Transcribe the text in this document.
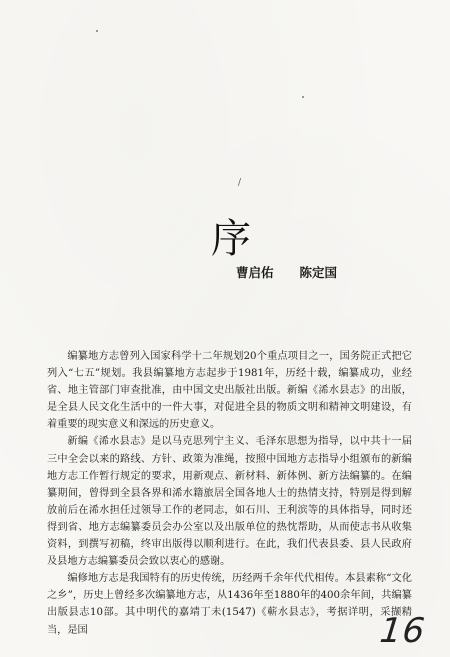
/
序
曹启佑 陈定国

编纂地方志曾列入国家科学十二年规划20个重点项目之一，国务院正式把它列入“七五”规划。我县编纂地方志起步于1981年，历经十载，编纂成功，业经省、地主管部门审查批准，由中国文史出版社出版。新编《浠水县志》的出版，是全县人民文化生活中的一件大事，对促进全县的物质文明和精神文明建设，有着重要的现实意义和深远的历史意义。

新编《浠水县志》是以马克思列宁主义、毛泽东思想为指导，以中共十一届三中全会以来的路线、方针、政策为准绳，按照中国地方志指导小组颁布的新编地方志工作暂行规定的要求，用新观点、新材料、新体例、新方法编纂的。在编纂期间，曾得到全县各界和浠水籍旅居全国各地人士的热情支持，特别是得到解放前后在浠水担任过领导工作的老同志，如石川、王利滨等的具体指导，同时还得到省、地方志编纂委员会办公室以及出版单位的热忱帮助，从而使志书从收集资料，到撰写初稿，终审出版得以顺利进行。在此，我们代表县委、县人民政府及县地方志编纂委员会致以衷心的感谢。

编修地方志是我国特有的历史传统，历经两千余年代代相传。本县素称“文化之乡”，历史上曾经多次编纂地方志，从1436年至1880年的400余年间，共编纂出版县志10部。其中明代的嘉靖丁未(1547)《蕲水县志》，考据详明，采撷精当，是国	16
